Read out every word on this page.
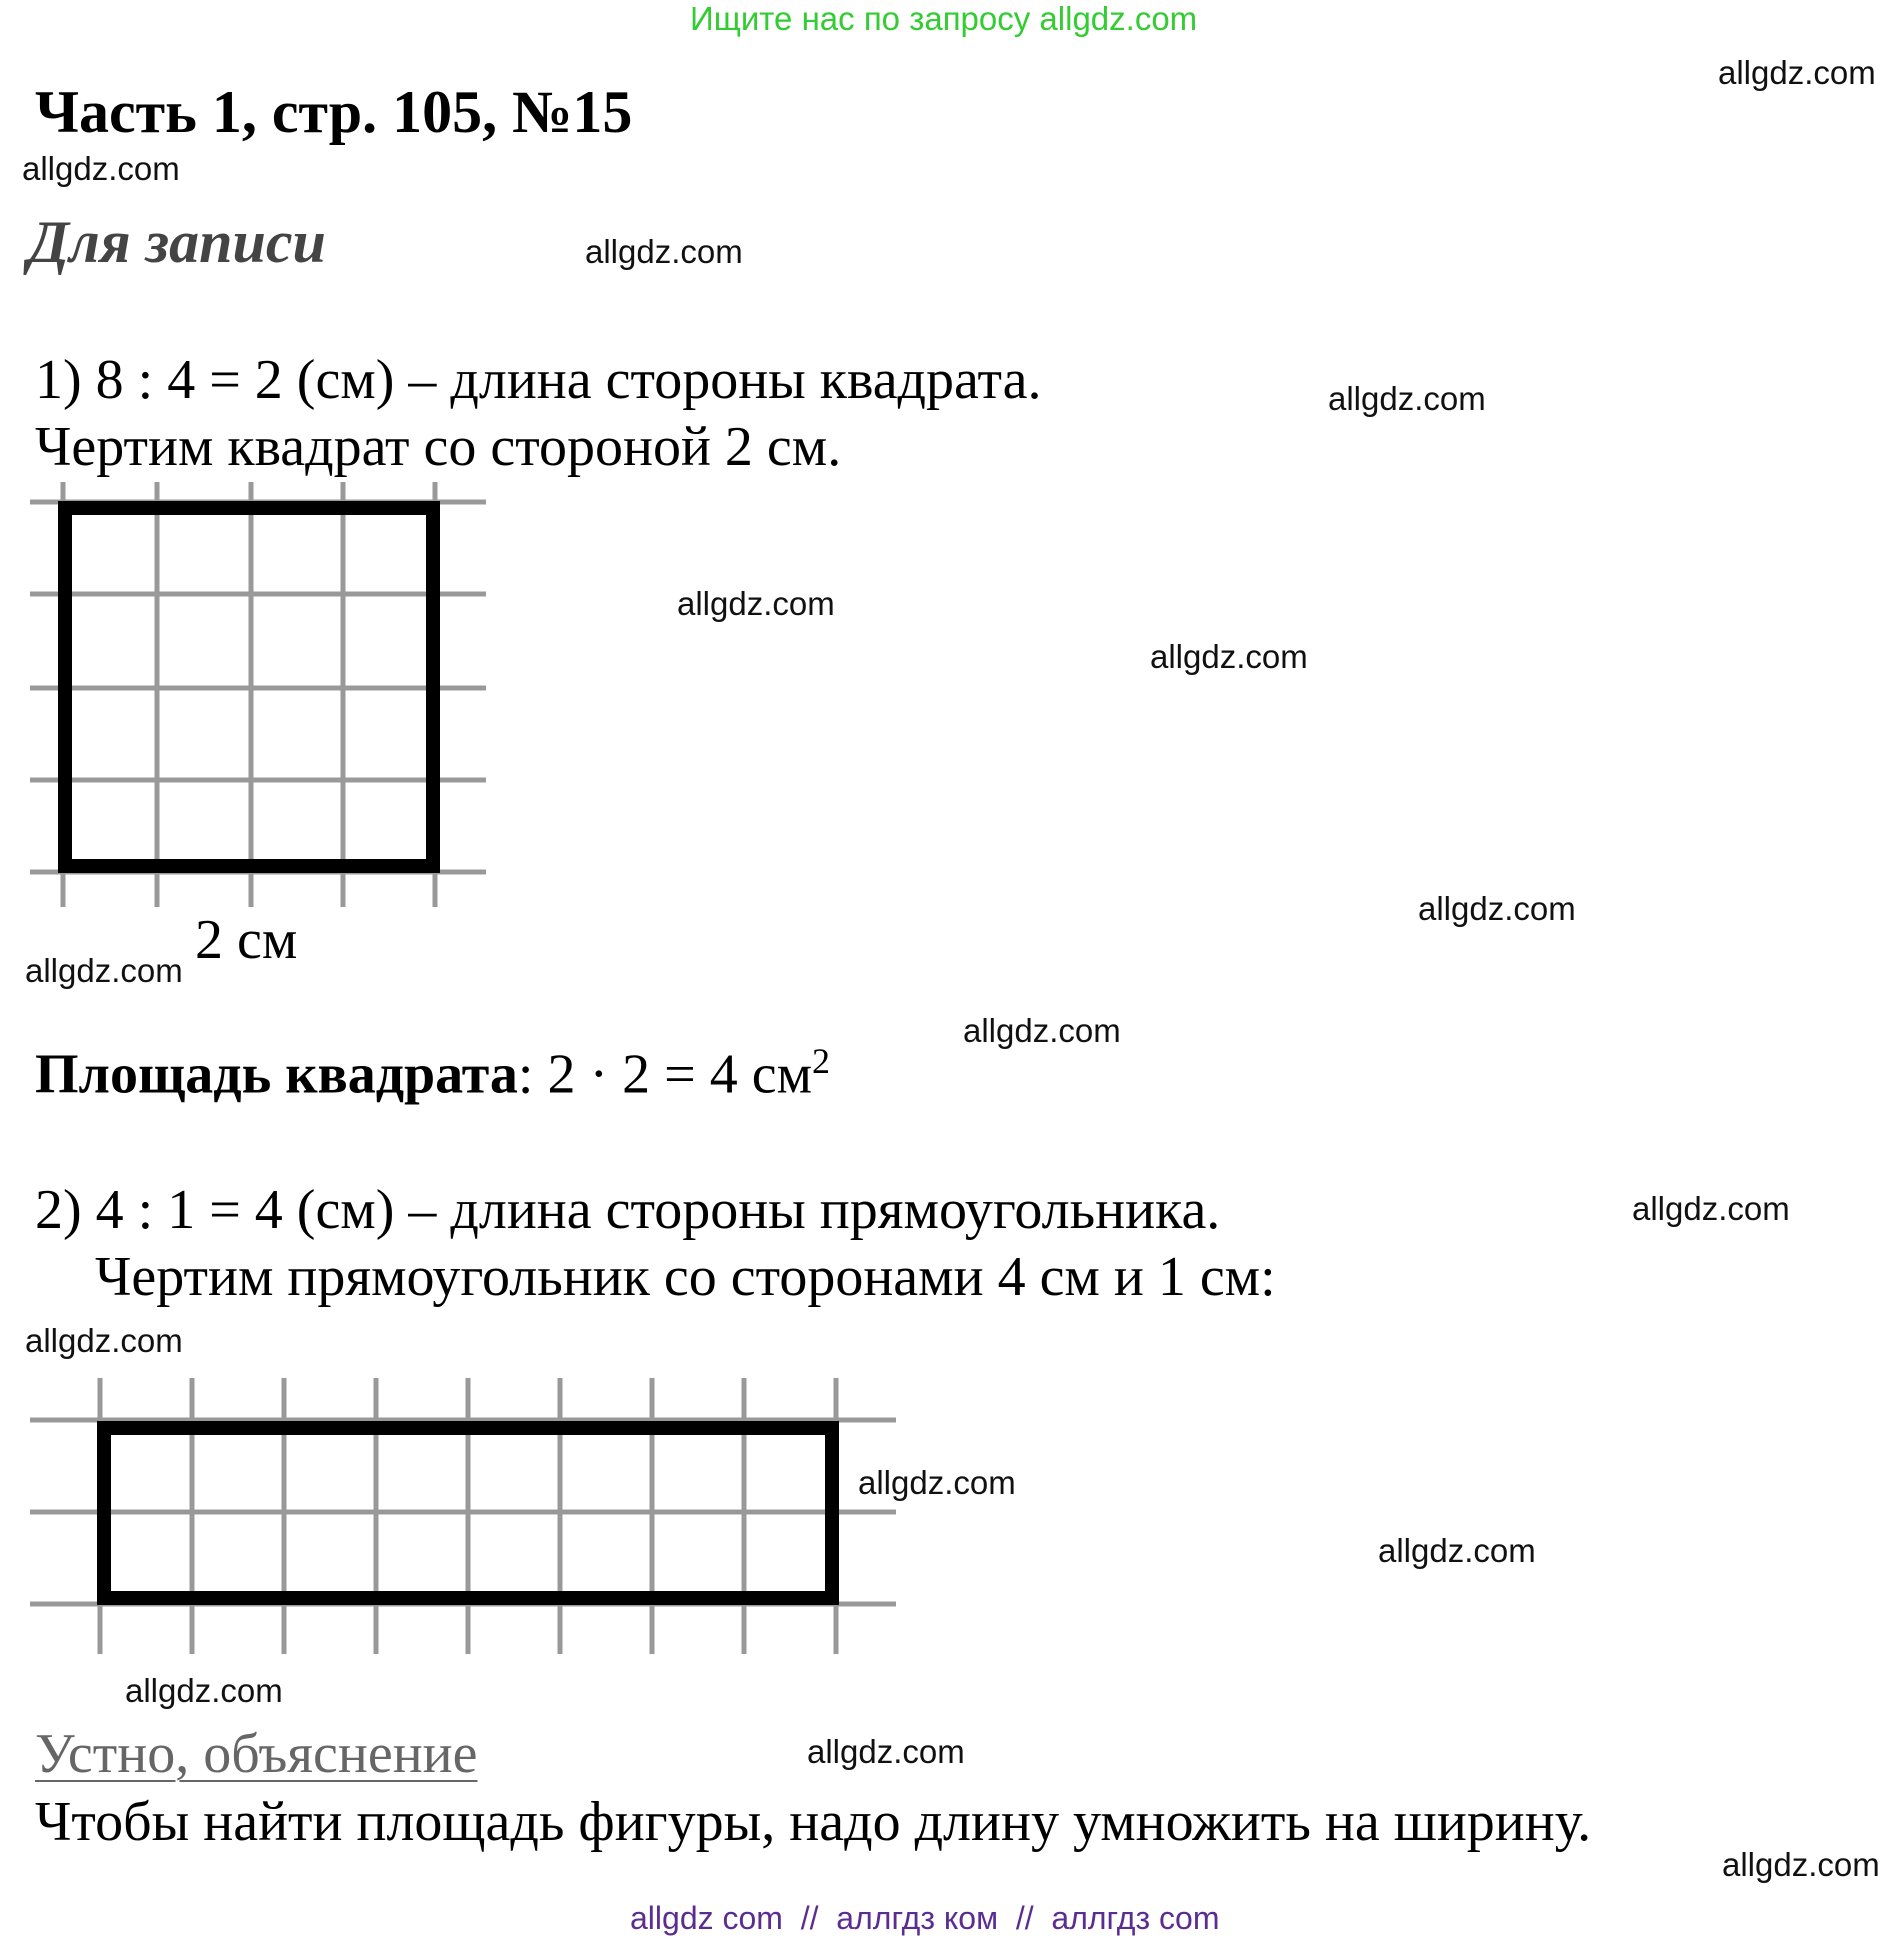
Ищите нас по запросу allgdz.com
allgdz.com
allgdz.com
allgdz.com
allgdz.com
allgdz.com
allgdz.com
allgdz.com
allgdz.com
allgdz.com
allgdz.com
allgdz.com
allgdz.com
allgdz.com
allgdz.com
allgdz.com
allgdz.com
Часть 1, стр. 105, №15
Для записи
1) 8 : 4 = 2 (см) – длина стороны квадрата.
Чертим квадрат со стороной 2 см.
2 см
Площадь квадрата: 2 · 2 = 4 $см^2$
2) 4 : 1 = 4 (см) – длина стороны прямоугольника.
Чертим прямоугольник со сторонами 4 см и 1 см:
Устно, объяснение
Чтобы найти площадь фигуры, надо длину умножить на ширину.
allgdz com  //  аллгдз ком  //  аллгдз com
